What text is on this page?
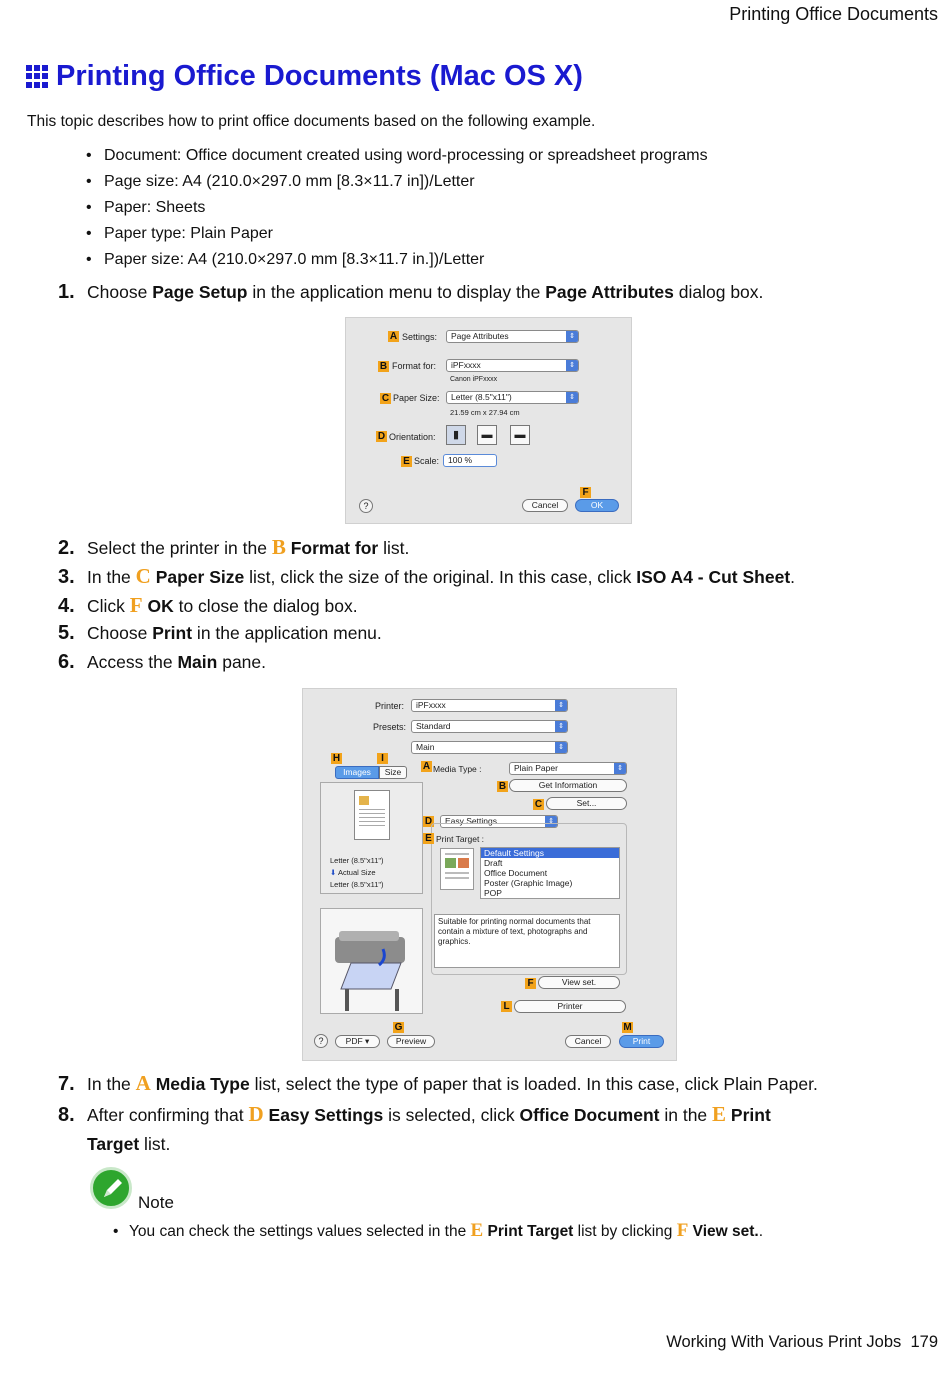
Printing Office Documents
Printing Office Documents (Mac OS X)

This topic describes how to print office documents based on the following example.

• Document: Office document created using word-processing or spreadsheet programs
• Page size: A4 (210.0×297.0 mm [8.3×11.7 in])/Letter
• Paper: Sheets
• Paper type: Plain Paper
• Paper size: A4 (210.0×297.0 mm [8.3×11.7 in.])/Letter
1. Choose Page Setup in the application menu to display the Page Attributes dialog box.
A Settings:	Page Attributes	⇕
B Format for:	iPFxxxx	⇕
Canon iPFxxxx
C Paper Size:	Letter (8.5"x11")	⇕
21.59 cm x 27.94 cm
D Orientation:	▮	▬	▬
E Scale:	100 %
?
F
Cancel	OK
2. Select the printer in the B Format for list.
3. In the C Paper Size list, click the size of the original. In this case, click ISO A4 - Cut Sheet.
4. Click F OK to close the dialog box.
5. Choose Print in the application menu.
6. Access the Main pane.
Printer:	iPFxxxx	⇕
Presets:	Standard	⇕
Main	⇕
H	I
Images	Size
Letter (8.5"x11")
⬇ Actual Size
Letter (8.5"x11")
A Media Type :	Plain Paper	⇕
B	Get Information
C	Set...
D	Easy Settings	⇕
E Print Target :
Default Settings
Draft
Office Document
Poster (Graphic Image)
POP
Suitable for printing normal documents that contain a mixture of text, photographs and graphics.
F	View set.
L	Printer
?
G
PDF ▾	Preview
M
Cancel	Print
7. In the A Media Type list, select the type of paper that is loaded. In this case, click Plain Paper.
8. After confirming that D Easy Settings is selected, click Office Document in the E Print
Target list.
Note
• You can check the settings values selected in the E Print Target list by clicking F View set..
Working With Various Print Jobs 179
